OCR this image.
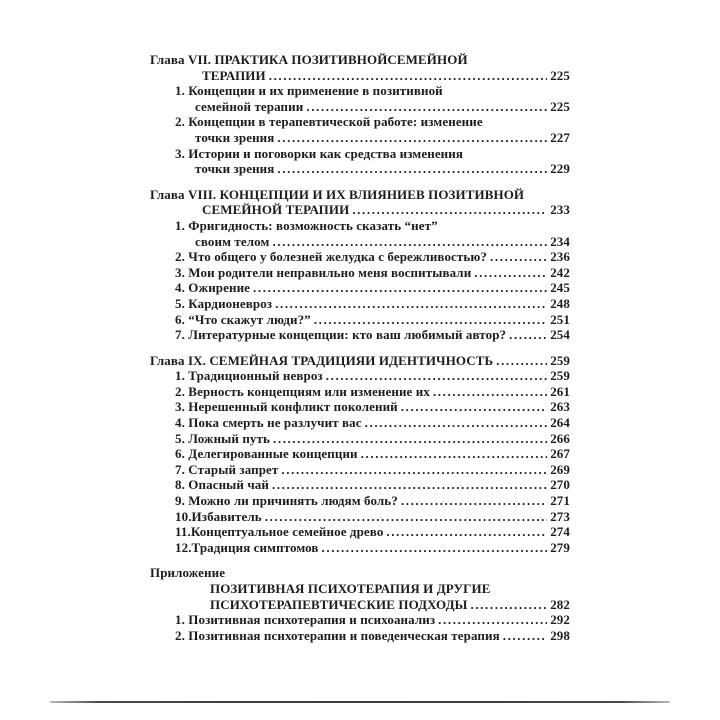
Глава VII. ПРАКТИКА ПОЗИТИВНОЙСЕМЕЙНОЙ
ТЕРАПИИ .....	225
1. Концепции и их применение в позитивной
семейной терапии .....	225
2. Концепции в терапевтической работе: изменение
точки зрения .....	227
3. Истории и поговорки как средства изменения
точки зрения .....	229
Глава VIII. КОНЦЕПЦИИ И ИХ ВЛИЯНИЕВ ПОЗИТИВНОЙ
СЕМЕЙНОЙ ТЕРАПИИ .....	233
1. Фригидность: возможность сказать “нет”
своим телом .....	234
2. Что общего у болезней желудка с бережливостью? .....	236
3. Мои родители неправильно меня воспитывали .....	242
4. Ожирение .....	245
5. Кардионевроз .....	248
6. “Что скажут люди?” .....	251
7. Литературные концепции: кто ваш любимый автор? .....	254
Глава IX. СЕМЕЙНАЯ ТРАДИЦИЯИ ИДЕНТИЧНОСТЬ .....	259
1. Традиционный невроз .....	259
2. Верность концепциям или изменение их .....	261
3. Нерешенный конфликт поколений .....	263
4. Пока смерть не разлучит вас .....	264
5. Ложный путь .....	266
6. Делегированные концепции .....	267
7. Старый запрет .....	269
8. Опасный чай .....	270
9. Можно ли причинять людям боль? .....	271
10.Избавитель .....	273
11.Концептуальное семейное древо .....	274
12.Традиция симптомов .....	279
Приложение
ПОЗИТИВНАЯ ПСИХОТЕРАПИЯ И ДРУГИЕ
ПСИХОТЕРАПЕВТИЧЕСКИЕ ПОДХОДЫ .....	282
1. Позитивная психотерапия и психоанализ .....	292
2. Позитивная психотерапии и поведенческая терапия .....	298
